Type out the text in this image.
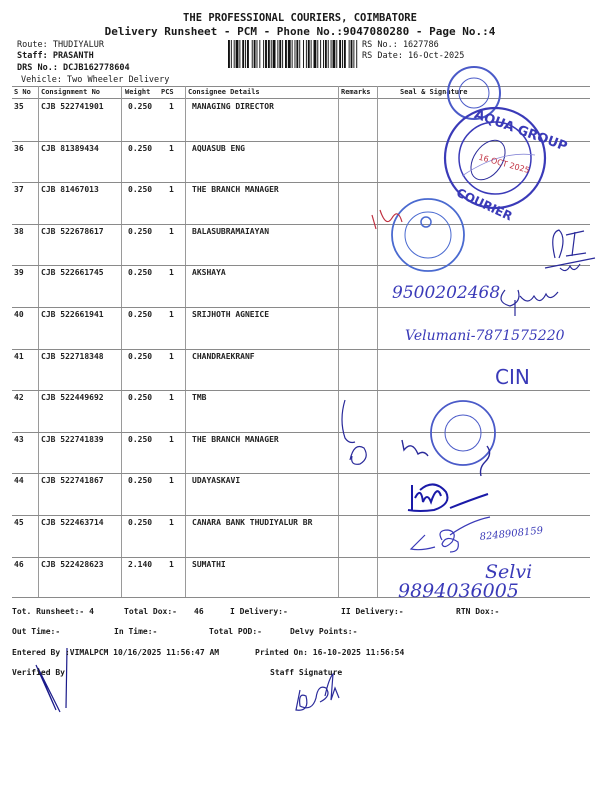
THE PROFESSIONAL COURIERS, COIMBATORE
Delivery Runsheet - PCM - Phone No.:9047080280 - Page No.:4
Route: THUDIYALUR
Staff: PRASANTH
DRS No.: DCJB162778604
Vehicle: Two Wheeler Delivery
RS No.: 1627786
RS Date: 16-Oct-2025
S No Consignment No	Weight PCS Consignee Details	Remarks	Seal & Signature
35 CJB 522741901	0.250 1 MANAGING DIRECTOR
36 CJB 81389434	0.250 1 AQUASUB ENG
37 CJB 81467013	0.250 1 THE BRANCH MANAGER
38 CJB 522678617	0.250 1 BALASUBRAMAIAYAN
39 CJB 522661745	0.250 1 AKSHAYA
40 CJB 522661941	0.250 1 SRIJHOTH AGNEICE
41 CJB 522718348	0.250 1 CHANDRAEKRANF
42 CJB 522449692	0.250 1 TMB
43 CJB 522741839	0.250 1 THE BRANCH MANAGER
44 CJB 522741867	0.250 1 UDAYASKAVI
45 CJB 522463714	0.250 1 CANARA BANK THUDIYALUR BR
46 CJB 522428623	2.140 1 SUMATHI
AQUA GROUP
COURIER
16 OCT 2025
9500202468
Velumani-7871575220
CIN
8248908159
Selvi
9894036005
Tot. Runsheet:- 4	Total Dox:- 46	I Delivery:-	II Delivery:-	RTN Dox:-
Out Time:-	In Time:-	Total POD:-	Delvy Points:-
Entered By :VIMALPCM 10/16/2025 11:56:47 AM	Printed On: 16-10-2025 11:56:54
Verified By	Staff Signature
